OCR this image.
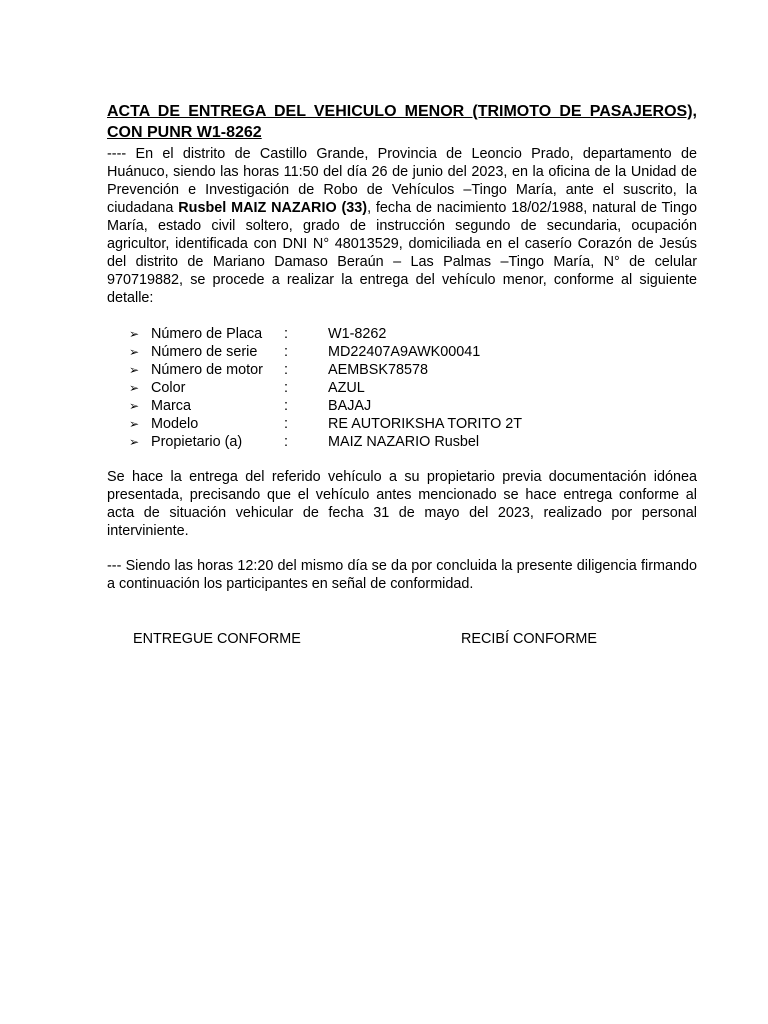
ACTA DE ENTREGA DEL VEHICULO MENOR (TRIMOTO DE PASAJEROS), CON PUNR W1-8262

---- En el distrito de Castillo Grande, Provincia de Leoncio Prado, departamento de Huánuco, siendo las horas 11:50 del día 26 de junio del 2023, en la oficina de la Unidad de Prevención e Investigación de Robo de Vehículos –Tingo María, ante el suscrito, la ciudadana Rusbel MAIZ NAZARIO (33), fecha de nacimiento 18/02/1988, natural de Tingo María, estado civil soltero, grado de instrucción segundo de secundaria, ocupación agricultor, identificada con DNI N° 48013529, domiciliada en el caserío Corazón de Jesús del distrito de Mariano Damaso Beraún – Las Palmas –Tingo María, N° de celular 970719882, se procede a realizar la entrega del vehículo menor, conforme al siguiente detalle:

➢ Número de Placa :	W1-8262
➢ Número de serie :	MD22407A9AWK00041
➢ Número de motor :	AEMBSK78578
➢ Color	:	AZUL
➢ Marca	:	BAJAJ
➢ Modelo	:	RE AUTORIKSHA TORITO 2T
➢ Propietario (a)	:	MAIZ NAZARIO Rusbel

Se hace la entrega del referido vehículo a su propietario previa documentación idónea presentada, precisando que el vehículo antes mencionado se hace entrega conforme al acta de situación vehicular de fecha 31 de mayo del 2023, realizado por personal interviniente.

--- Siendo las horas 12:20 del mismo día se da por concluida la presente diligencia firmando a continuación los participantes en señal de conformidad.

ENTREGUE CONFORME	RECIBÍ CONFORME
